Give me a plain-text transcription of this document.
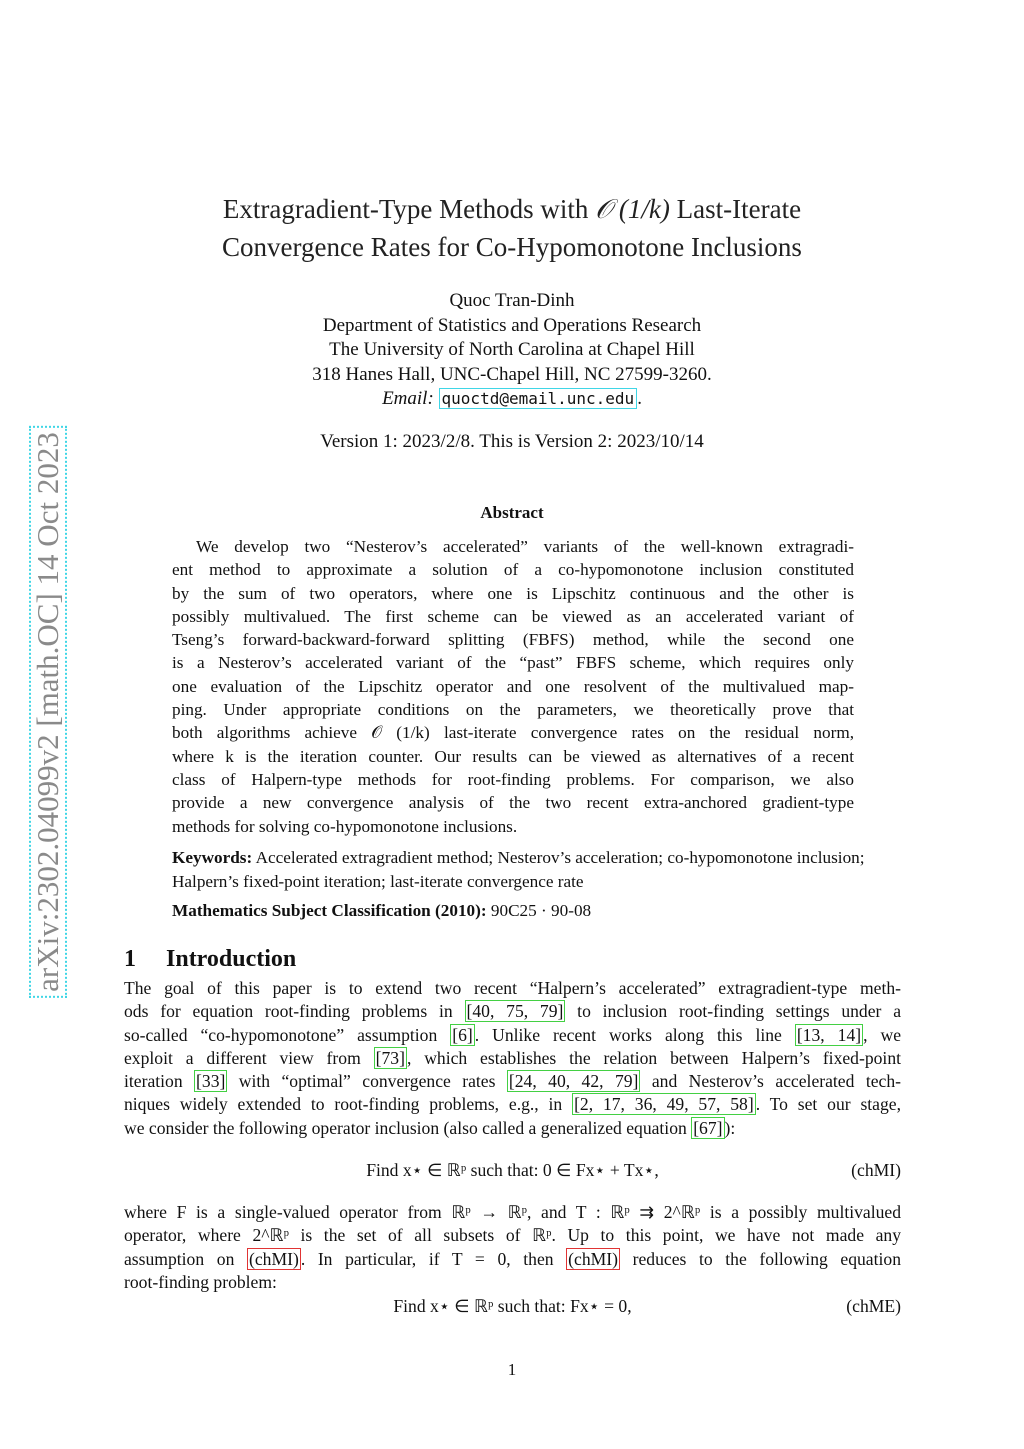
arXiv:2302.04099v2 [math.OC] 14 Oct 2023
Extragradient-Type Methods with 𝒪 (1/k) Last-Iterate
Convergence Rates for Co-Hypomonotone Inclusions
Quoc Tran-Dinh
Department of Statistics and Operations Research
The University of North Carolina at Chapel Hill
318 Hanes Hall, UNC-Chapel Hill, NC 27599-3260.
Email: quoctd@email.unc.edu .
Version 1: 2023/2/8. This is Version 2: 2023/10/14
Abstract
We develop two “Nesterov’s accelerated” variants of the well-known extragradi-
ent method to approximate a solution of a co-hypomonotone inclusion constituted
by the sum of two operators, where one is Lipschitz continuous and the other is
possibly multivalued. The first scheme can be viewed as an accelerated variant of
Tseng’s forward-backward-forward splitting (FBFS) method, while the second one
is a Nesterov’s accelerated variant of the “past” FBFS scheme, which requires only
one evaluation of the Lipschitz operator and one resolvent of the multivalued map-
ping. Under appropriate conditions on the parameters, we theoretically prove that
both algorithms achieve 𝒪 (1/k) last-iterate convergence rates on the residual norm,
where k is the iteration counter. Our results can be viewed as alternatives of a recent
class of Halpern-type methods for root-finding problems. For comparison, we also
provide a new convergence analysis of the two recent extra-anchored gradient-type
methods for solving co-hypomonotone inclusions.
Keywords: Accelerated extragradient method; Nesterov’s acceleration; co-hypomonotone inclusion; Halpern’s fixed-point iteration; last-iterate convergence rate
Mathematics Subject Classification (2010): 90C25 · 90-08
1 Introduction
The goal of this paper is to extend two recent “Halpern’s accelerated” extragradient-type meth-
ods for equation root-finding problems in [40, 75, 79] to inclusion root-finding settings under a
so-called “co-hypomonotone” assumption [6] . Unlike recent works along this line [13, 14] , we
exploit a different view from [73] , which establishes the relation between Halpern’s fixed-point
iteration [33] with “optimal” convergence rates [24, 40, 42, 79] and Nesterov’s accelerated tech-
niques widely extended to root-finding problems, e.g., in [2, 17, 36, 49, 57, 58] . To set our stage,
we consider the following operator inclusion (also called a generalized equation [67] ):
Find x⋆ ∈ ℝᵖ such that: 0 ∈ Fx⋆ + Tx⋆,	(chMI)
where F is a single-valued operator from ℝᵖ → ℝᵖ, and T : ℝᵖ ⇉ 2^ℝᵖ is a possibly multivalued
operator, where 2^ℝᵖ is the set of all subsets of ℝᵖ. Up to this point, we have not made any
assumption on (chMI) . In particular, if T = 0, then (chMI) reduces to the following equation
root-finding problem:
Find x⋆ ∈ ℝᵖ such that: Fx⋆ = 0,	(chME)
1
